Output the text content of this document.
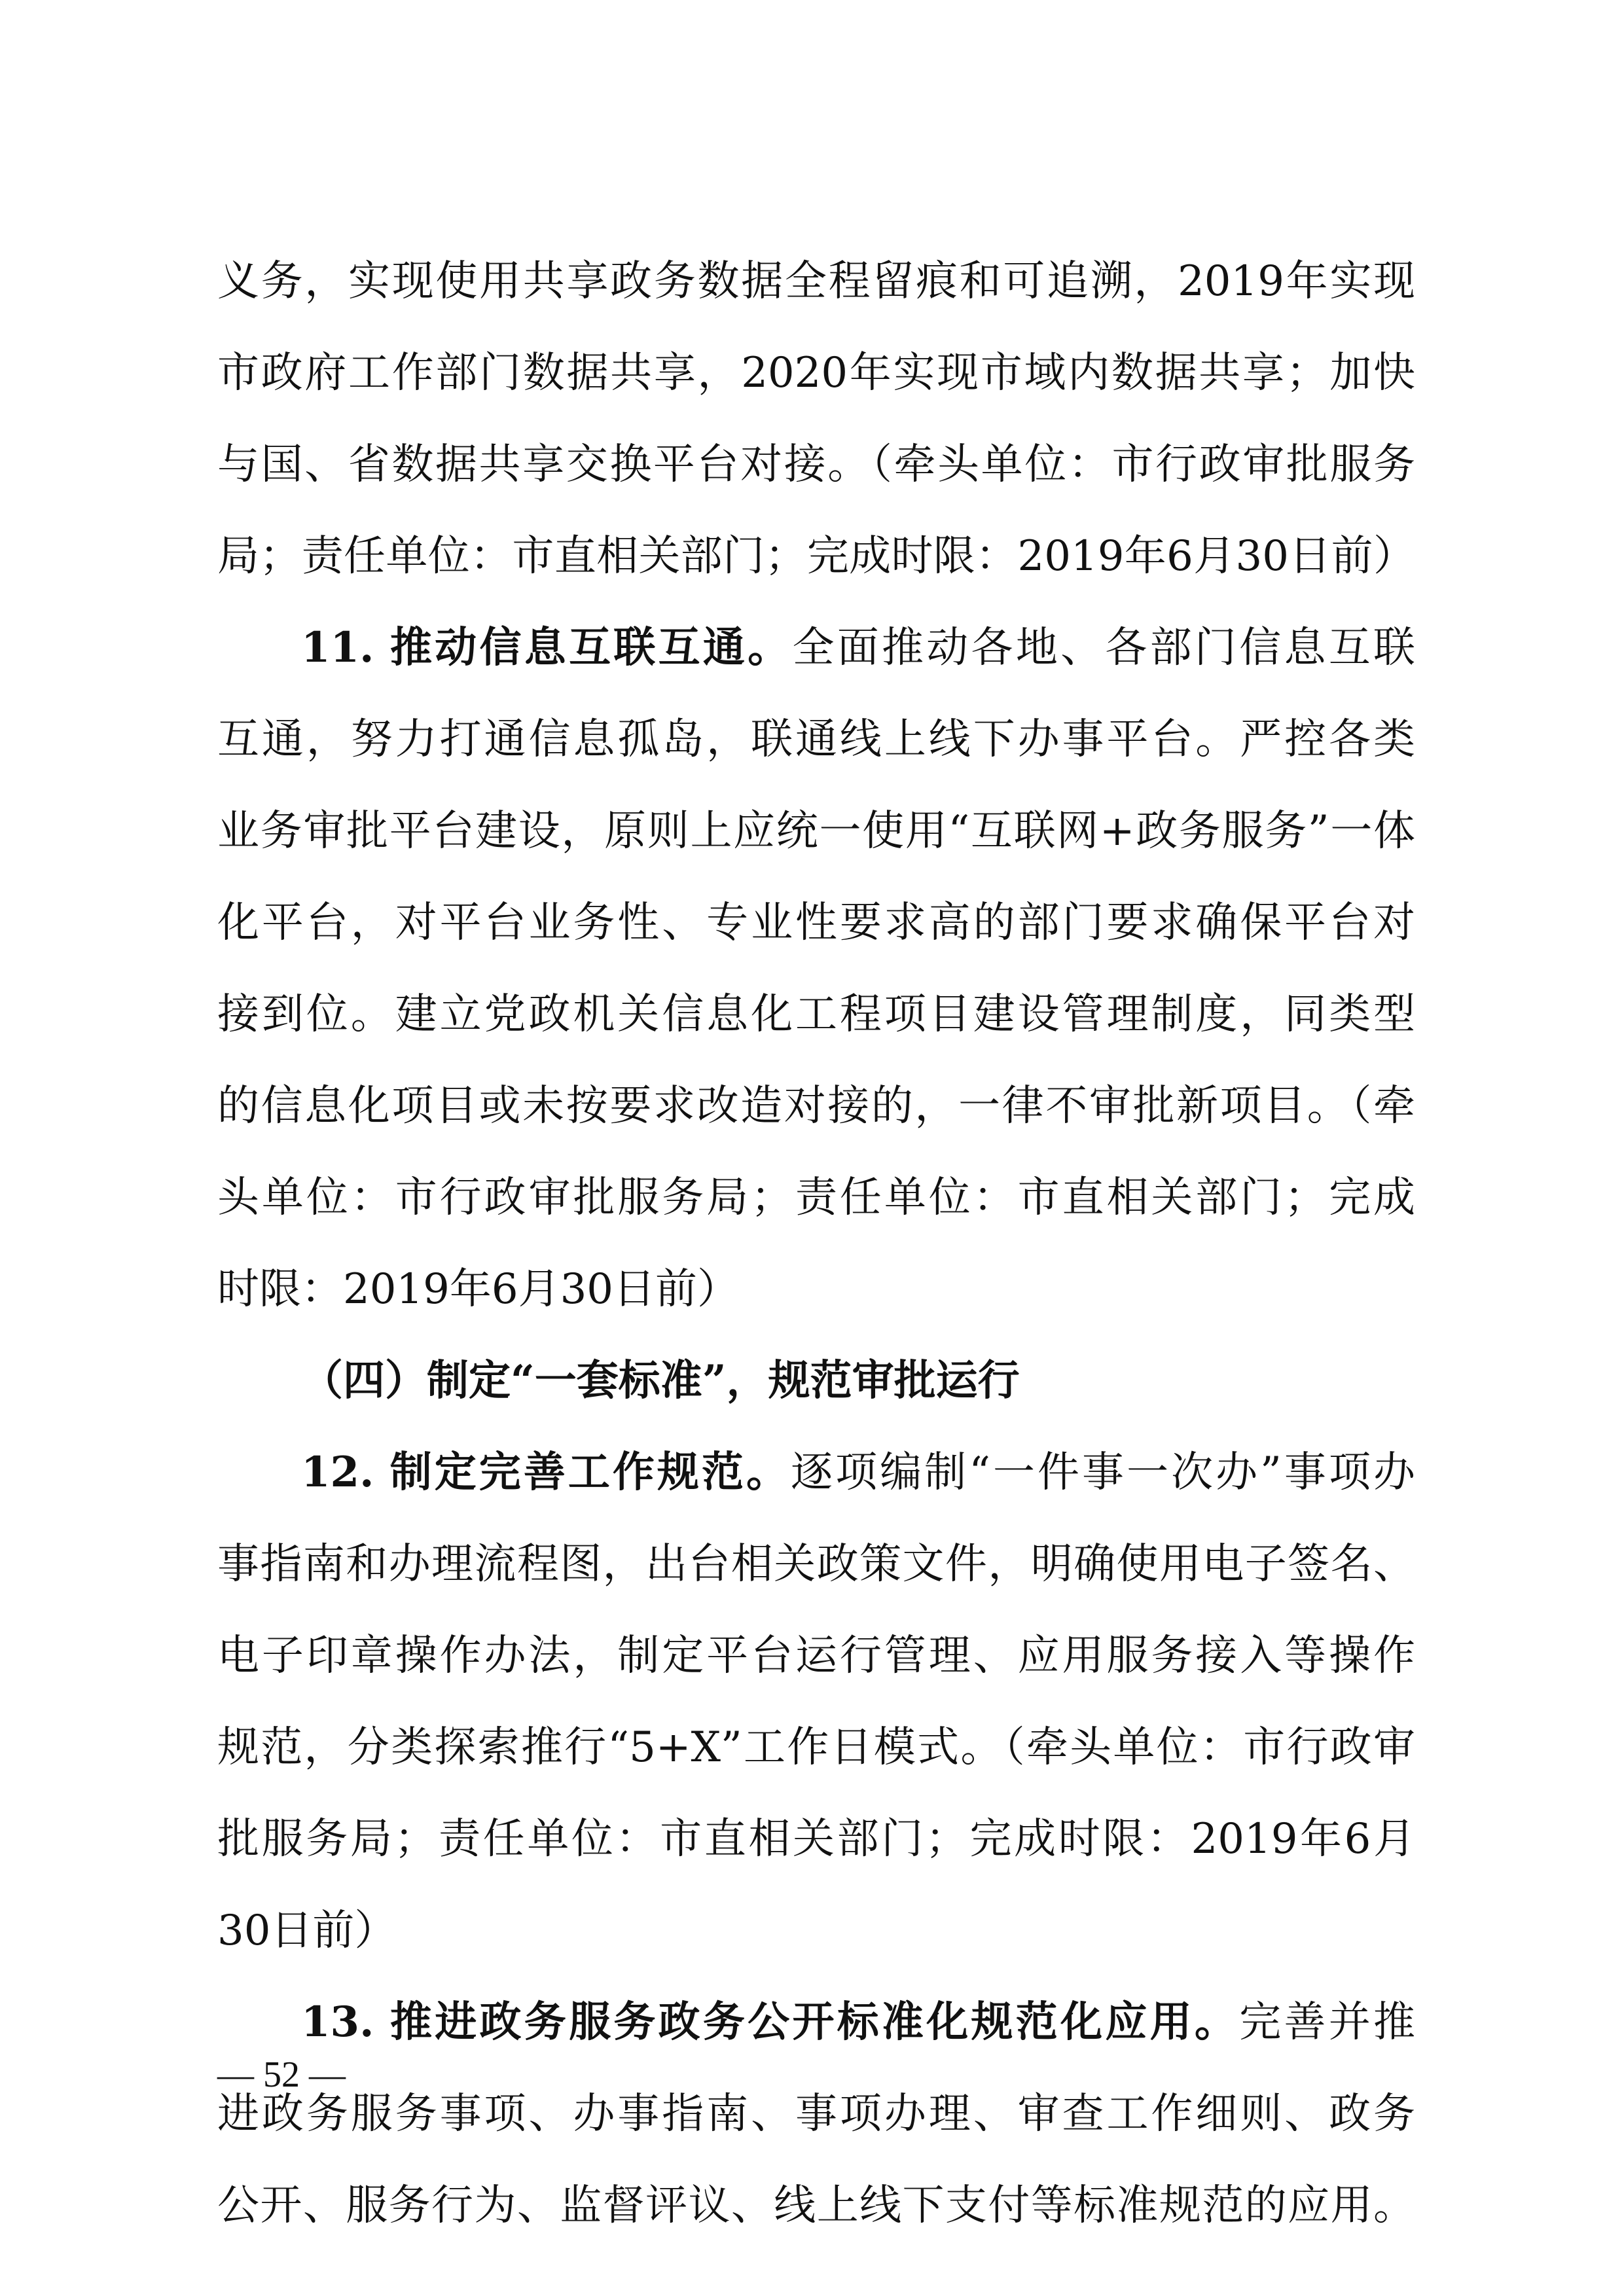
义务，实现使用共享政务数据全程留痕和可追溯，2019年实现
市政府工作部门数据共享，2020年实现市域内数据共享；加快
与国、省数据共享交换平台对接。（牵头单位：市行政审批服务
局；责任单位：市直相关部门；完成时限：2019年6月30日前）
11. 推动信息互联互通。全面推动各地、各部门信息互联
互通，努力打通信息孤岛，联通线上线下办事平台。严控各类
业务审批平台建设，原则上应统一使用“互联网+政务服务”一体
化平台，对平台业务性、专业性要求高的部门要求确保平台对
接到位。建立党政机关信息化工程项目建设管理制度，同类型
的信息化项目或未按要求改造对接的，一律不审批新项目。（牵
头单位：市行政审批服务局；责任单位：市直相关部门；完成
时限：2019年6月30日前）
（四）制定“一套标准”，规范审批运行
12. 制定完善工作规范。逐项编制“一件事一次办”事项办
事指南和办理流程图，出台相关政策文件，明确使用电子签名、
电子印章操作办法，制定平台运行管理、应用服务接入等操作
规范，分类探索推行“5+X”工作日模式。（牵头单位：市行政审
批服务局；责任单位：市直相关部门；完成时限：2019年6月
30日前）
13. 推进政务服务政务公开标准化规范化应用。完善并推
进政务服务事项、办事指南、事项办理、审查工作细则、政务
公开、服务行为、监督评议、线上线下支付等标准规范的应用。
— 52 —
